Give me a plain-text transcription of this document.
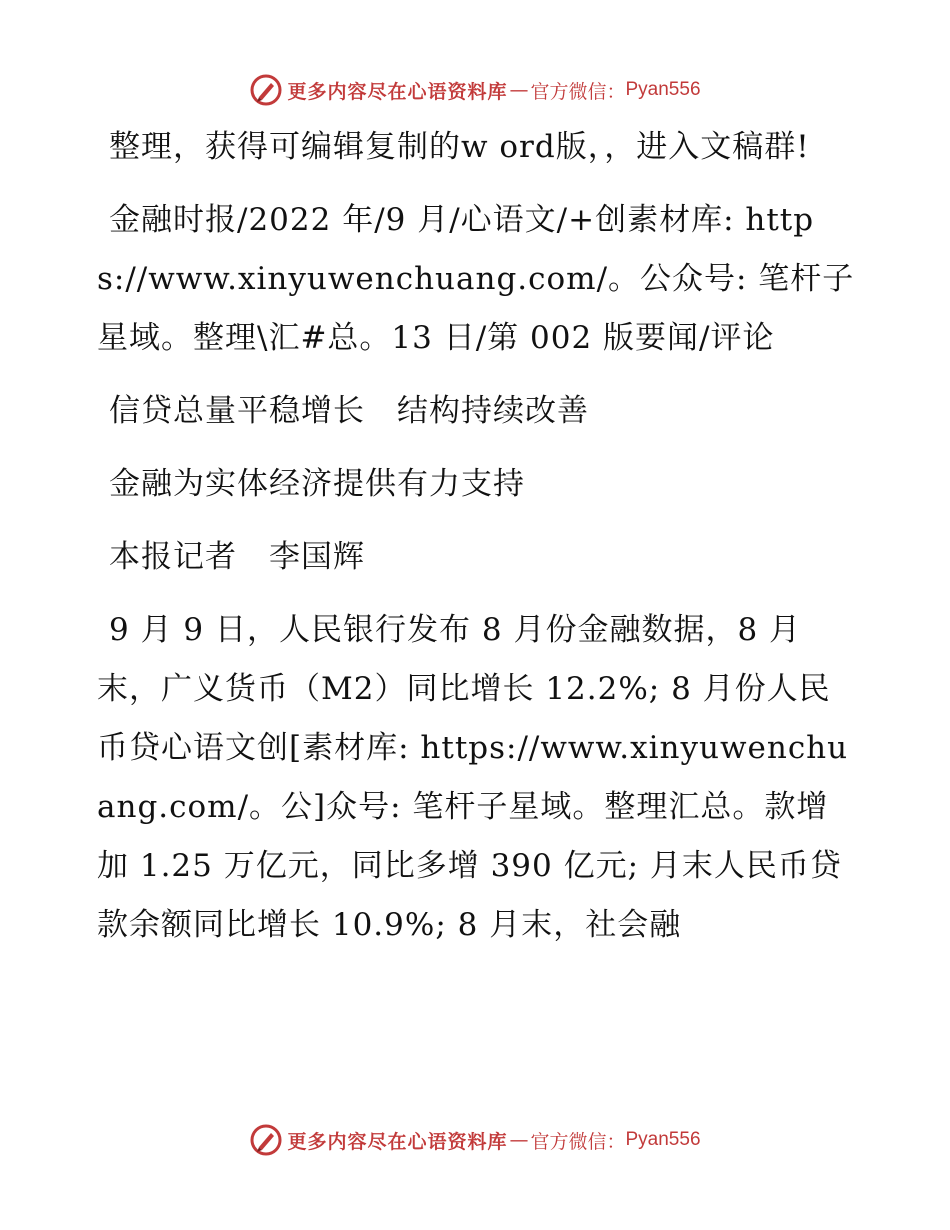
更多内容尽在心语资料库 — 官方微信： Pyan556

整理，获得可编辑复制的w ord版，，进入文稿群!

金融时报/2022 年/9 月/心语文/+创素材库: https://www.xinyuwenchuang.com/。公众号: 笔杆子星域。整理\汇#总。13 日/第 002 版要闻/评论

信贷总量平稳增长　结构持续改善

金融为实体经济提供有力支持

本报记者　李国辉

9 月 9 日，人民银行发布 8 月份金融数据，8 月末，广义货币（M2）同比增长 12.2%; 8 月份人民币贷心语文创[素材库: https://www.xinyuwenchuang.com/。公]众号: 笔杆子星域。整理汇总。款增加 1.25 万亿元，同比多增 390 亿元; 月末人民币贷款余额同比增长 10.9%; 8 月末，社会融

更多内容尽在心语资料库 — 官方微信： Pyan556
